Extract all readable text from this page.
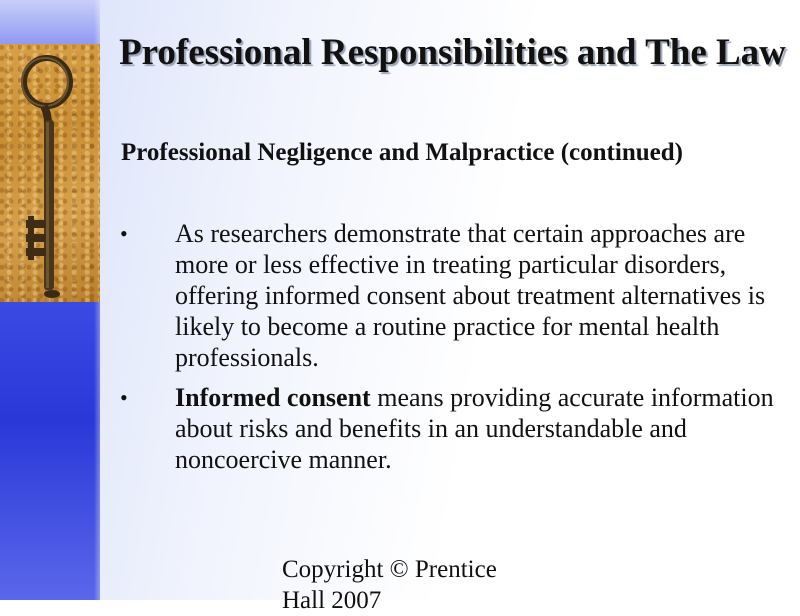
Professional Responsibilities and The Law
Professional Negligence and Malpractice (continued)
• As researchers demonstrate that certain approaches are more or less effective in treating particular disorders, offering informed consent about treatment alternatives is likely to become a routine practice for mental health professionals.
• Informed consent means providing accurate information about risks and benefits in an understandable and noncoercive manner.
Copyright © Prentice Hall 2007
